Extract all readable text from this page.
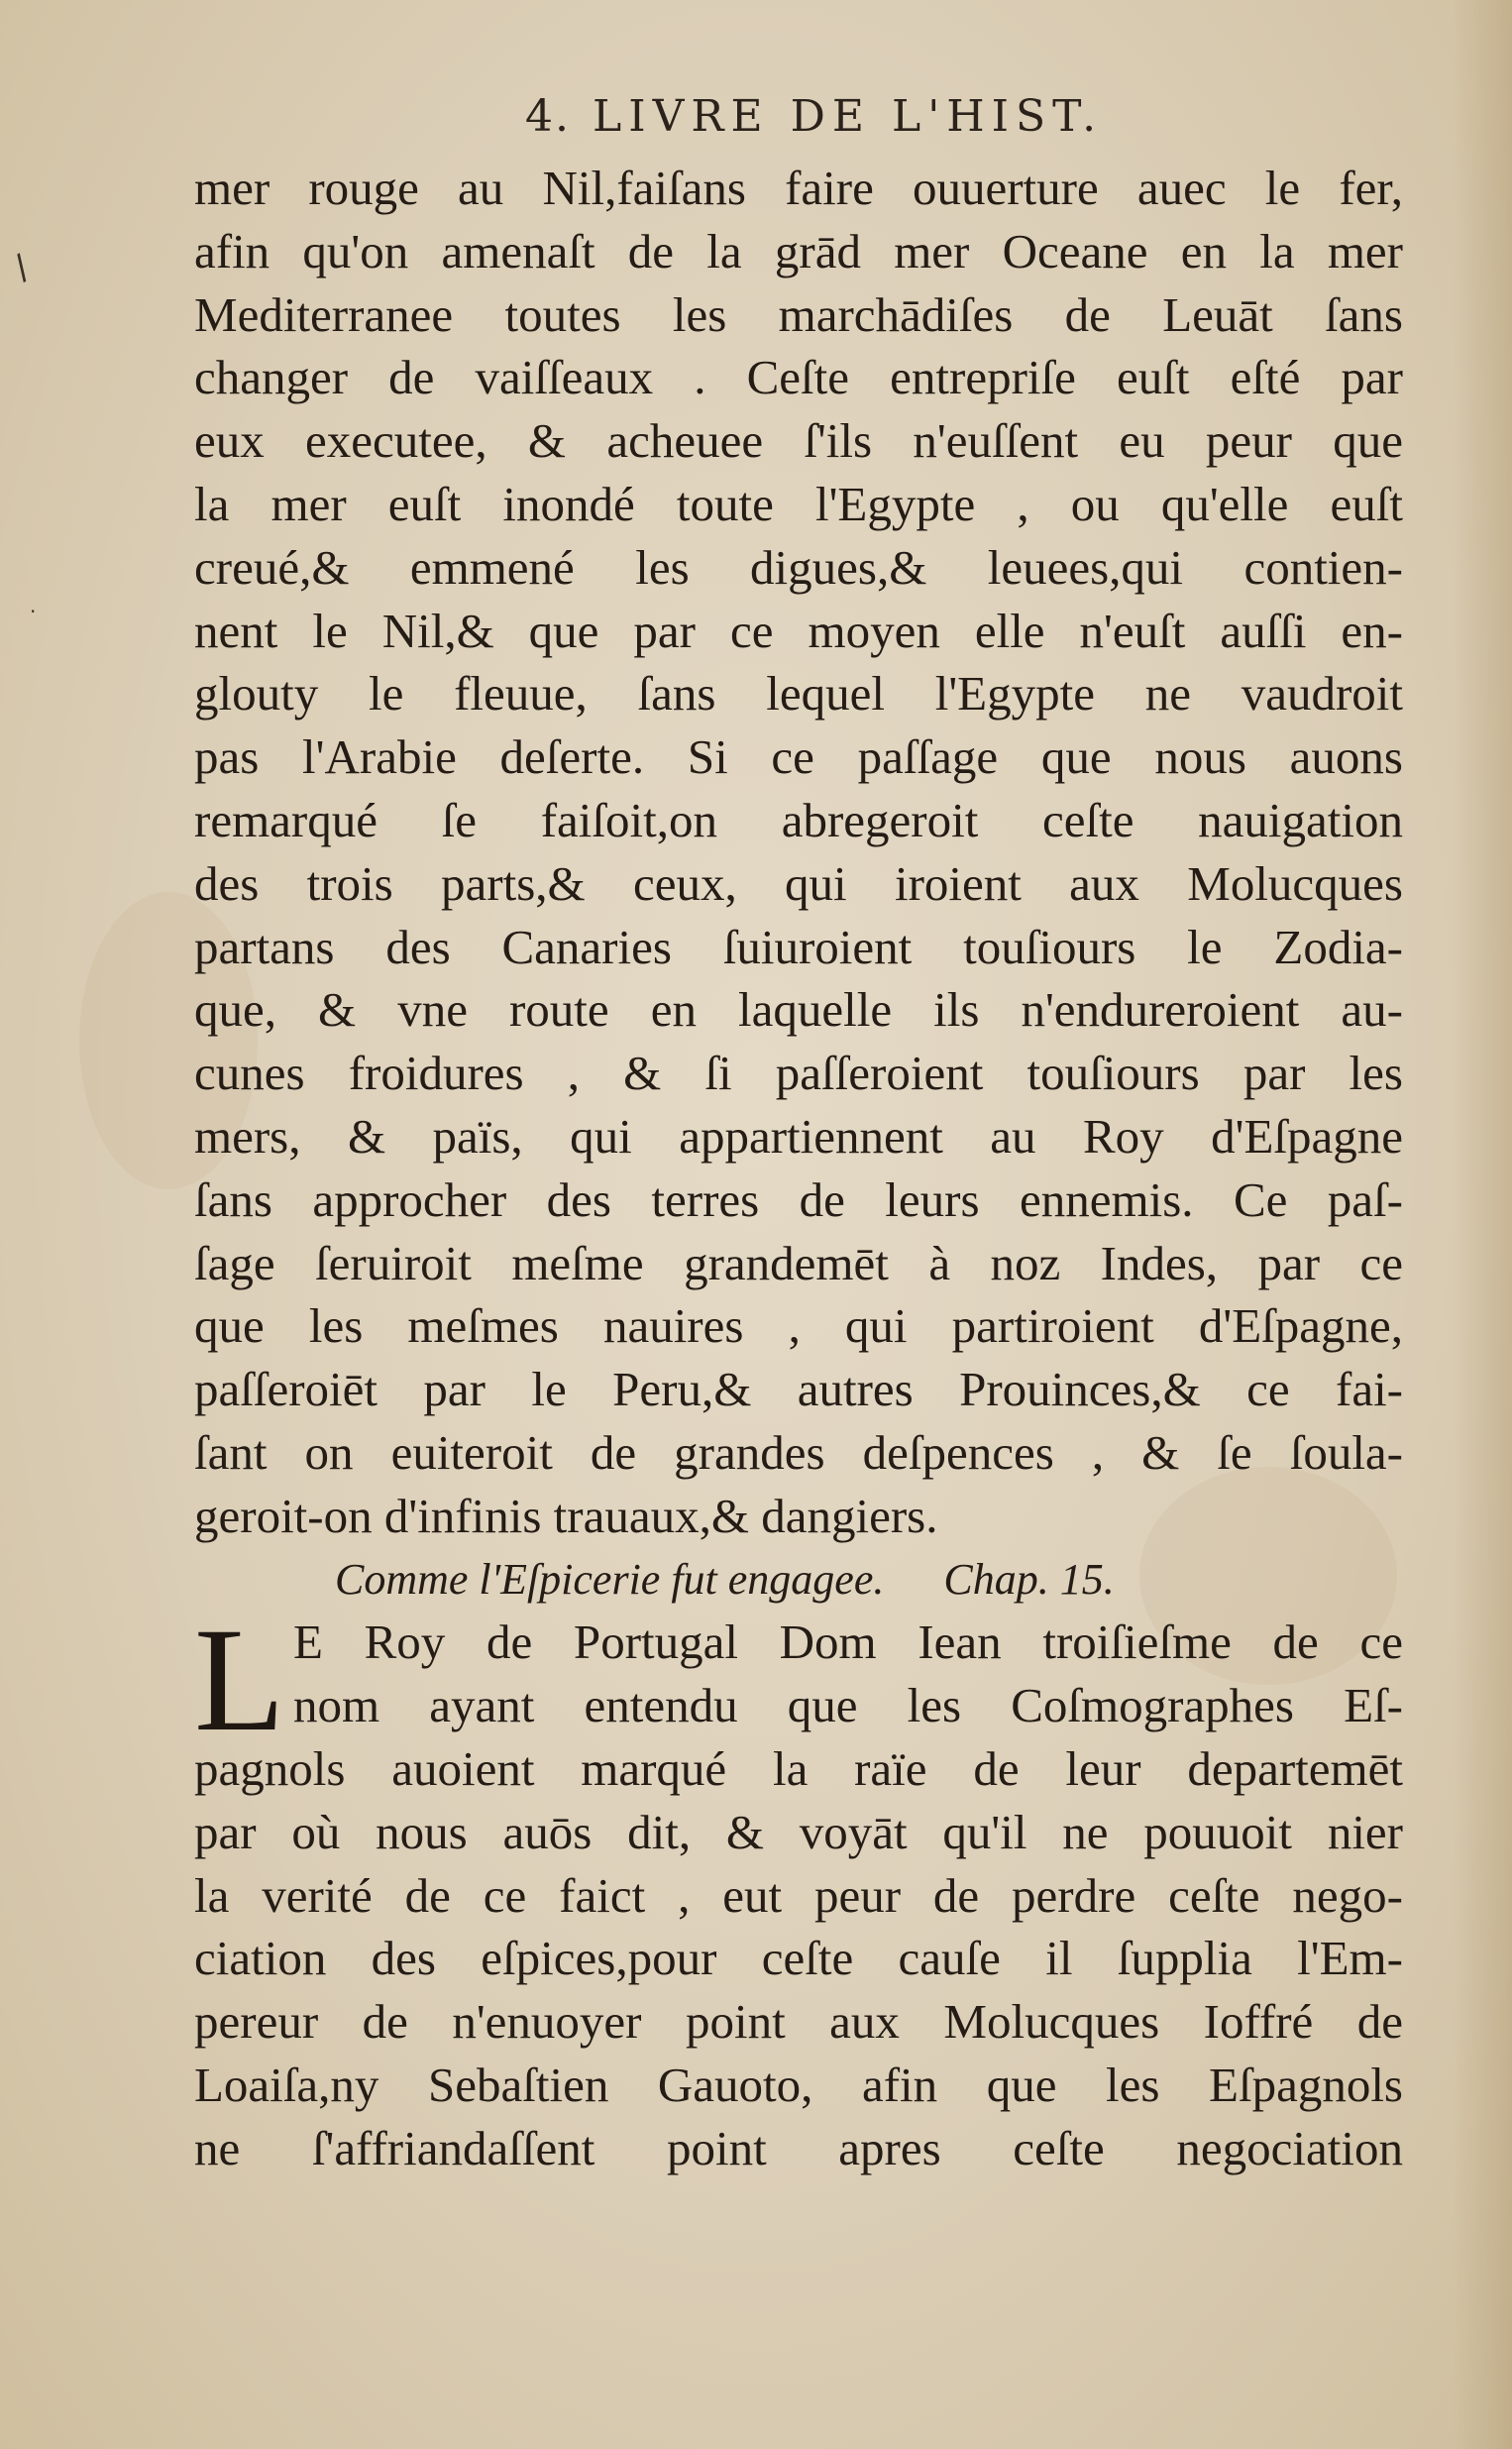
/
·
4. LIVRE DE L'HIST.
mer rouge au Nil,faiſans faire ouuerture auec le fer,
afin qu'on amenaſt de la grād mer Oceane en la mer
Mediterranee toutes les marchādiſes de Leuāt ſans
changer de vaiſſeaux . Ceſte entrepriſe euſt eſté par
eux executee, & acheuee ſ'ils n'euſſent eu peur que
la mer euſt inondé toute l'Egypte , ou qu'elle euſt
creué,& emmené les digues,& leuees,qui contien-
nent le Nil,& que par ce moyen elle n'euſt auſſi en-
glouty le fleuue, ſans lequel l'Egypte ne vaudroit
pas l'Arabie deſerte. Si ce paſſage que nous auons
remarqué ſe faiſoit,on abregeroit ceſte nauigation
des trois parts,& ceux, qui iroient aux Molucques
partans des Canaries ſuiuroient touſiours le Zodia-
que, & vne route en laquelle ils n'endureroient au-
cunes froidures , & ſi paſſeroient touſiours par les
mers, & païs, qui appartiennent au Roy d'Eſpagne
ſans approcher des terres de leurs ennemis. Ce paſ-
ſage ſeruiroit meſme grandemēt à noz Indes, par ce
que les meſmes nauires , qui partiroient d'Eſpagne,
paſſeroiēt par le Peru,& autres Prouinces,& ce fai-
ſant on euiteroit de grandes deſpences , & ſe ſoula-
geroit-on d'infinis trauaux,& dangiers.
Comme l'Eſpicerie fut engagee. Chap. 15.
L E Roy de Portugal Dom Iean troiſieſme de ce
nom ayant entendu que les Coſmographes Eſ-
pagnols auoient marqué la raïe de leur departemēt
par où nous auōs dit, & voyāt qu'il ne pouuoit nier
la verité de ce faict , eut peur de perdre ceſte nego-
ciation des eſpices,pour ceſte cauſe il ſupplia l'Em-
pereur de n'enuoyer point aux Molucques Ioffré de
Loaiſa,ny Sebaſtien Gauoto, afin que les Eſpagnols
ne ſ'affriandaſſent point apres ceſte negociation
